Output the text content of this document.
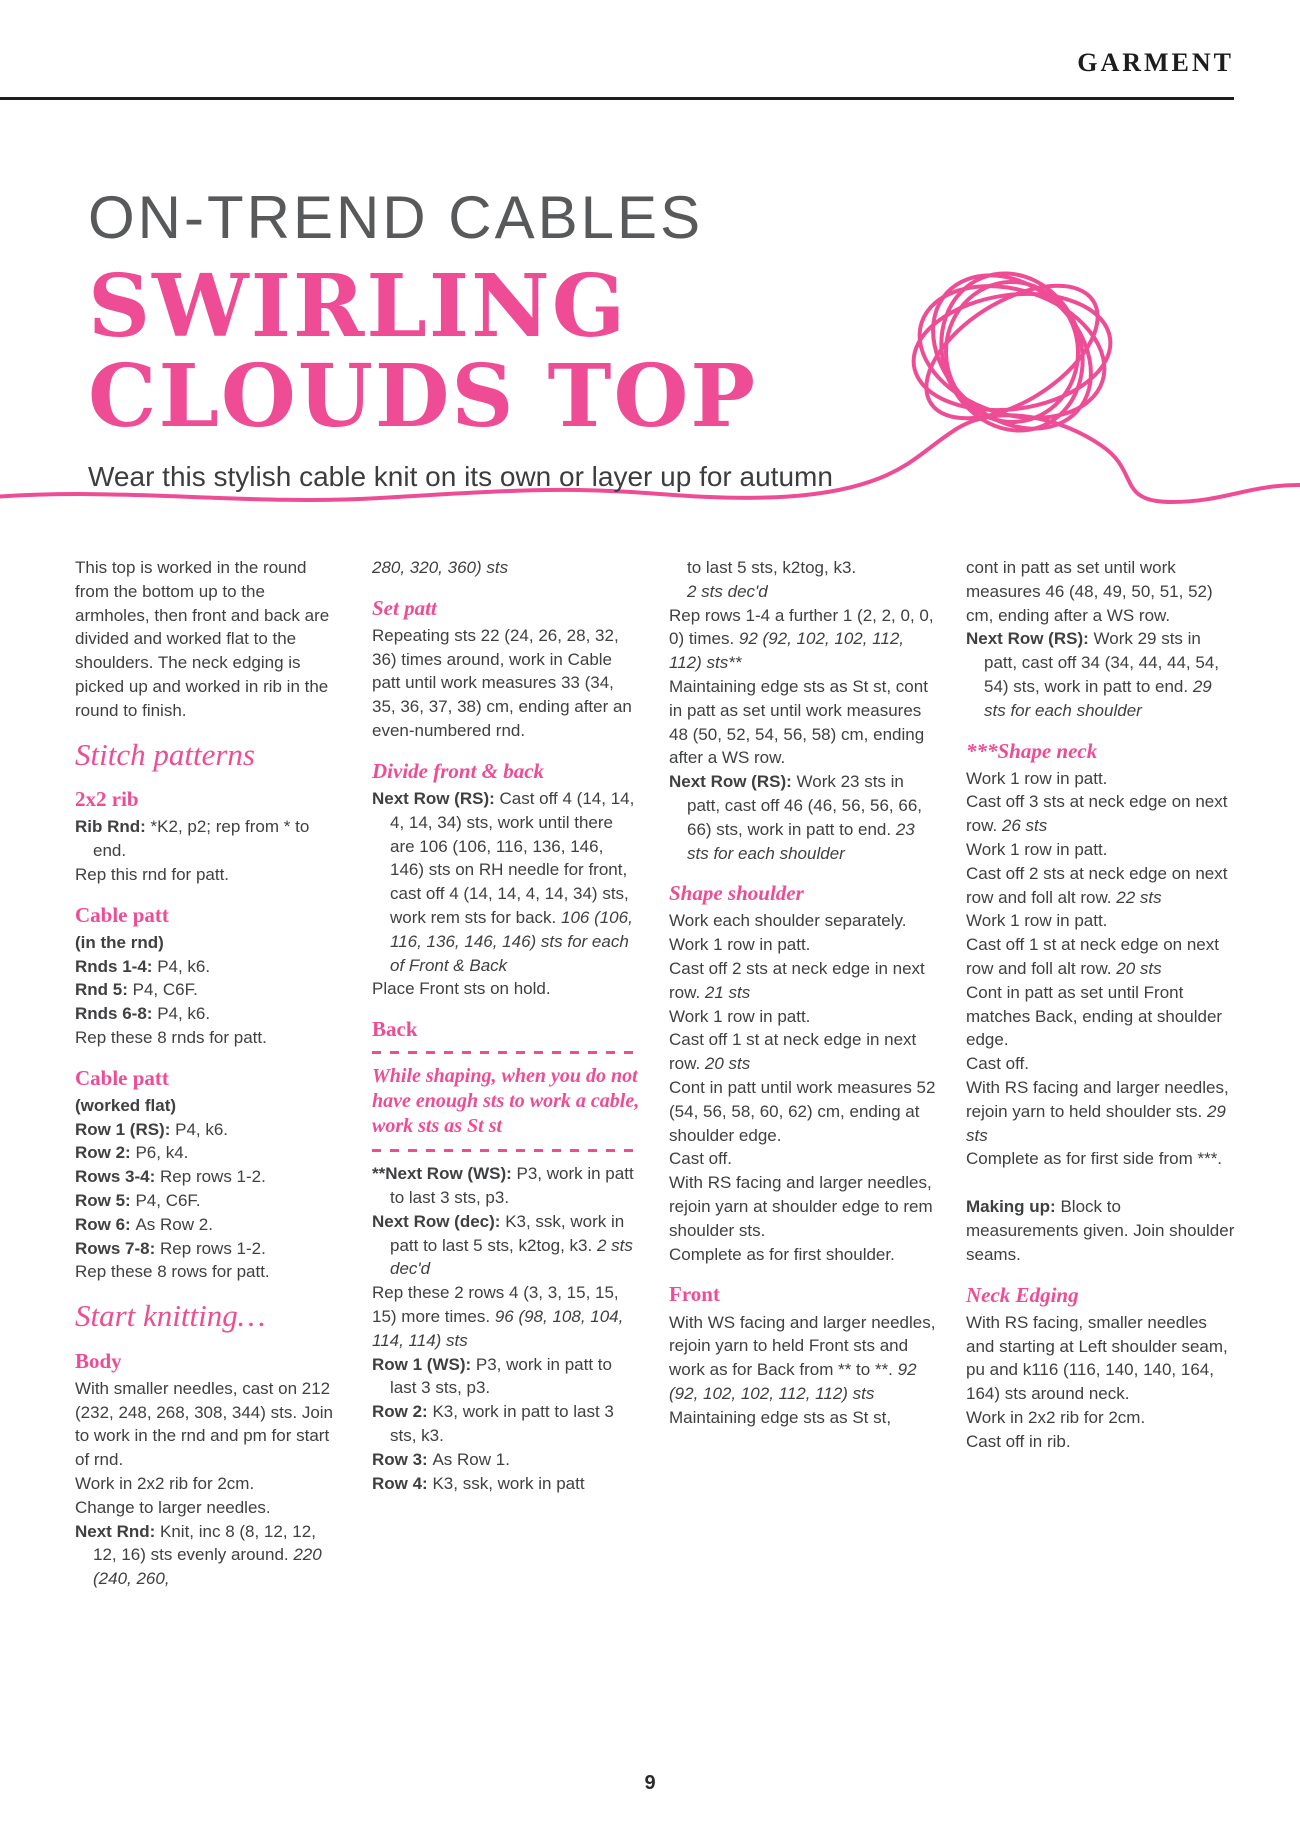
GARMENT
ON-TREND CABLES
SWIRLING
CLOUDS TOP
Wear this stylish cable knit on its own or layer up for autumn
This top is worked in the round from the bottom up to the armholes, then front and back are divided and worked flat to the shoulders. The neck edging is picked up and worked in rib in the round to finish.
Stitch patterns
2x2 rib
Rib Rnd: *K2, p2; rep from * to end.
Rep this rnd for patt.
Cable patt
(in the rnd)
Rnds 1-4: P4, k6.
Rnd 5: P4, C6F.
Rnds 6-8: P4, k6.
Rep these 8 rnds for patt.
Cable patt
(worked flat)
Row 1 (RS): P4, k6.
Row 2: P6, k4.
Rows 3-4: Rep rows 1-2.
Row 5: P4, C6F.
Row 6: As Row 2.
Rows 7-8: Rep rows 1-2.
Rep these 8 rows for patt.
Start knitting…
Body
With smaller needles, cast on 212 (232, 248, 268, 308, 344) sts. Join to work in the rnd and pm for start of rnd.
Work in 2x2 rib for 2cm.
Change to larger needles.
Next Rnd: Knit, inc 8 (8, 12, 12, 12, 16) sts evenly around. 220 (240, 260,
280, 320, 360) sts
Set patt
Repeating sts 22 (24, 26, 28, 32, 36) times around, work in Cable patt until work measures 33 (34, 35, 36, 37, 38) cm, ending after an even-numbered rnd.
Divide front & back
Next Row (RS): Cast off 4 (14, 14, 4, 14, 34) sts, work until there are 106 (106, 116, 136, 146, 146) sts on RH needle for front, cast off 4 (14, 14, 4, 14, 34) sts, work rem sts for back. 106 (106, 116, 136, 146, 146) sts for each of Front & Back
Place Front sts on hold.
Back
While shaping, when you do not have enough sts to work a cable, work sts as St st
**Next Row (WS): P3, work in patt to last 3 sts, p3.
Next Row (dec): K3, ssk, work in patt to last 5 sts, k2tog, k3. 2 sts dec'd
Rep these 2 rows 4 (3, 3, 15, 15, 15) more times. 96 (98, 108, 104, 114, 114) sts
Row 1 (WS): P3, work in patt to last 3 sts, p3.
Row 2: K3, work in patt to last 3 sts, k3.
Row 3: As Row 1.
Row 4: K3, ssk, work in patt
to last 5 sts, k2tog, k3.
2 sts dec'd
Rep rows 1-4 a further 1 (2, 2, 0, 0, 0) times. 92 (92, 102, 102, 112, 112) sts**
Maintaining edge sts as St st, cont in patt as set until work measures 48 (50, 52, 54, 56, 58) cm, ending after a WS row.
Next Row (RS): Work 23 sts in patt, cast off 46 (46, 56, 56, 66, 66) sts, work in patt to end. 23 sts for each shoulder
Shape shoulder
Work each shoulder separately.
Work 1 row in patt.
Cast off 2 sts at neck edge in next row. 21 sts
Work 1 row in patt.
Cast off 1 st at neck edge in next row. 20 sts
Cont in patt until work measures 52 (54, 56, 58, 60, 62) cm, ending at shoulder edge.
Cast off.
With RS facing and larger needles, rejoin yarn at shoulder edge to rem shoulder sts.
Complete as for first shoulder.
Front
With WS facing and larger needles, rejoin yarn to held Front sts and work as for Back from ** to **. 92 (92, 102, 102, 112, 112) sts
Maintaining edge sts as St st,
cont in patt as set until work measures 46 (48, 49, 50, 51, 52) cm, ending after a WS row.
Next Row (RS): Work 29 sts in patt, cast off 34 (34, 44, 44, 54, 54) sts, work in patt to end. 29 sts for each shoulder
***Shape neck
Work 1 row in patt.
Cast off 3 sts at neck edge on next row. 26 sts
Work 1 row in patt.
Cast off 2 sts at neck edge on next row and foll alt row. 22 sts
Work 1 row in patt.
Cast off 1 st at neck edge on next row and foll alt row. 20 sts
Cont in patt as set until Front matches Back, ending at shoulder edge.
Cast off.
With RS facing and larger needles, rejoin yarn to held shoulder sts. 29 sts
Complete as for first side from ***.
Making up: Block to measurements given. Join shoulder seams.
Neck Edging
With RS facing, smaller needles and starting at Left shoulder seam, pu and k116 (116, 140, 140, 164, 164) sts around neck.
Work in 2x2 rib for 2cm.
Cast off in rib.
9
